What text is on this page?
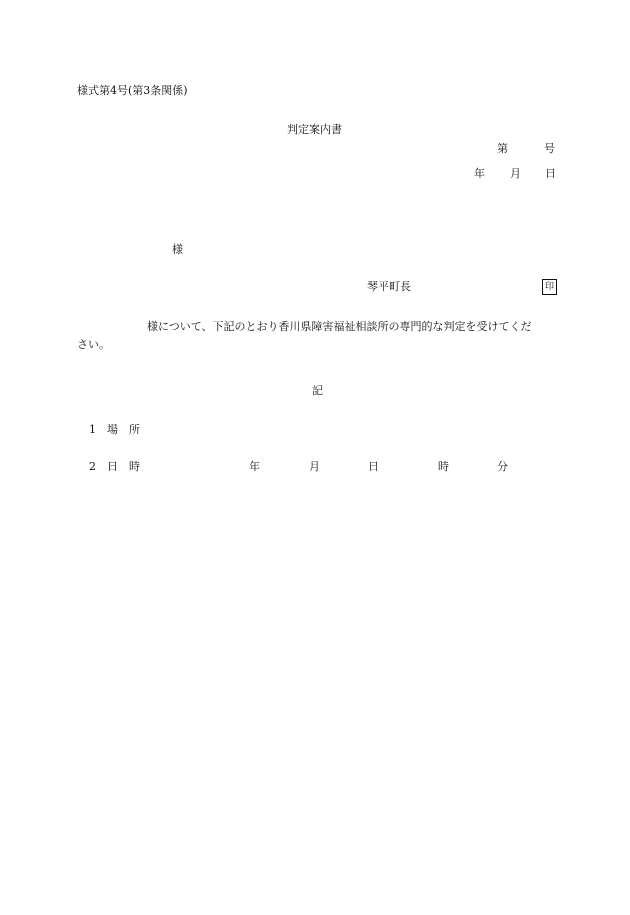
様式第4号(第3条関係)
判定案内書
第	号
年 月 日
様
琴平町長	印
様について、下記のとおり香川県障害福祉相談所の専門的な判定を受けてくだ
さい。
記
1 場　所
2 日　時	年	月	日	時	分
